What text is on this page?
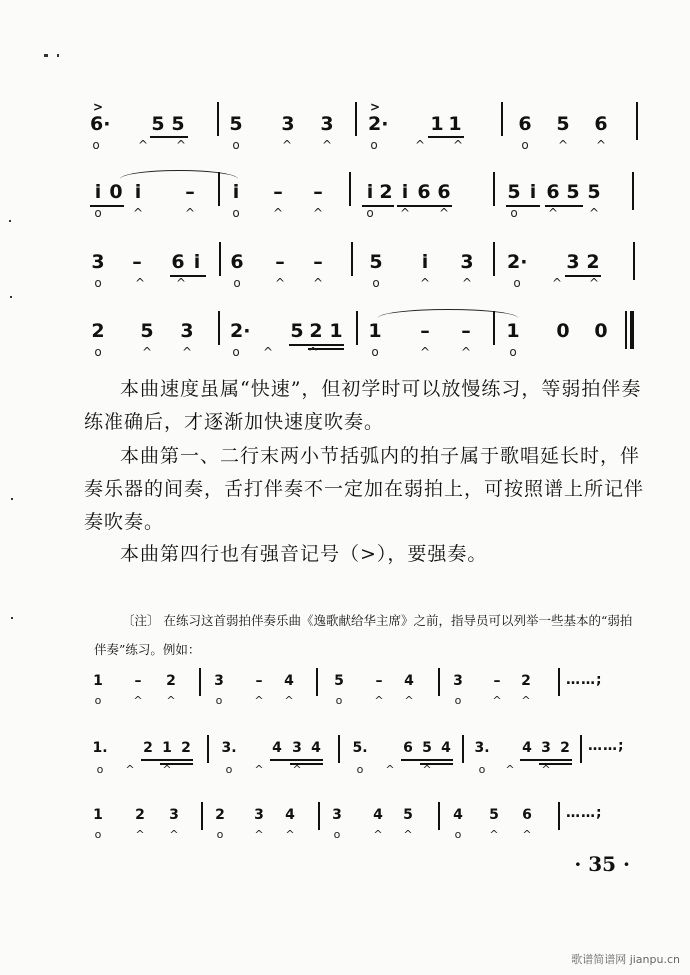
>	>
6· 5 5 5 3 3 2· 1 1	6 5 6
o	^ ^	o	^ ^	o	^ ^	o ^ ^
i 0 i	–	i	– –	i 2 i 6 6	5 i 6 5 5
o	^	^	o	^ ^	o ^ ^	o	^	^
3 – 6 i	6 – – 5	i	3 2· 3 2
o	^	^	o	^ ^	o	^	^	o	^ ^
2 5 3 2· 5 2 1 1 – – 1 0 0
o	^ ^	o ^	^	o	^	^	o
本曲速度虽属“快速”，但初学时可以放慢练习，等弱拍伴奏练准确后，才逐渐加快速度吹奏。
本曲第一、二行末两小节括弧内的拍子属于歌唱延长时，伴奏乐器的间奏，舌打伴奏不一定加在弱拍上，可按照谱上所记伴奏吹奏。
本曲第四行也有强音记号（>），要强奏。
〔注〕 在练习这首弱拍伴奏乐曲《逸歌献给华主席》之前，指导员可以列举一些基本的“弱拍伴奏”练习。例如：
1	–	2	3	–	4	5	–	4	3	–	2	……;
1.	2 1 2	3.	4 3 4	5.	6 5 4	3.	4 3 2	……;
1	2	3	2	3	4	3	4	5	4	5	6	……;
o	^ ^	o	^ ^	o	^ ^	o	^ ^
o	^	^	o	^	^	o	^	^	o	^ ^
o	^ ^	o	^ ^	o	^ ^	o	^ ^
· 35 ·
歌谱简谱网 jianpu.cn
